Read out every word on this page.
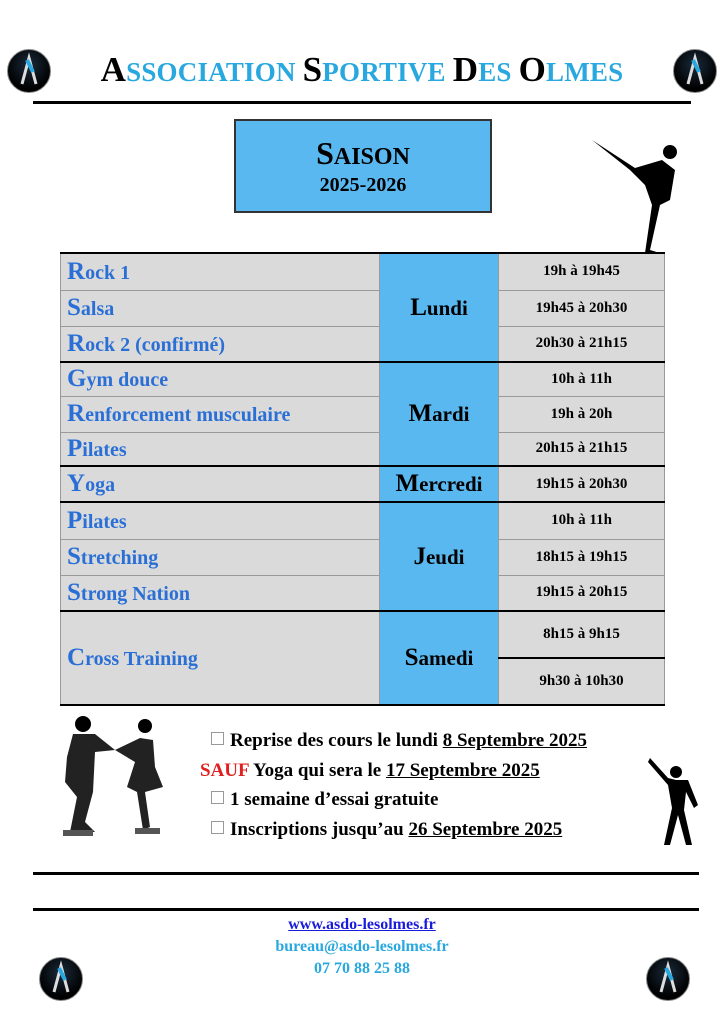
ASSOCIATION SPORTIVE DES OLMES
SAISON
2025-2026
Rock 1	Lundi	19h à 19h45
Salsa		19h45 à 20h30
Rock 2 (confirmé)		20h30 à 21h15
Gym douce	Mardi	10h à 11h
Renforcement musculaire		19h à 20h
Pilates		20h15 à 21h15
Yoga	Mercredi	19h15 à 20h30
Pilates	Jeudi	10h à 11h
Stretching		18h15 à 19h15
Strong Nation		19h15 à 20h15
Cross Training	Samedi	8h15 à 9h15
		9h30 à 10h30
Reprise des cours le lundi 8 Septembre 2025
SAUF Yoga qui sera le 17 Septembre 2025
1 semaine d’essai gratuite
Inscriptions jusqu’au 26 Septembre 2025
www.asdo-lesolmes.fr
bureau@asdo-lesolmes.fr
07 70 88 25 88
